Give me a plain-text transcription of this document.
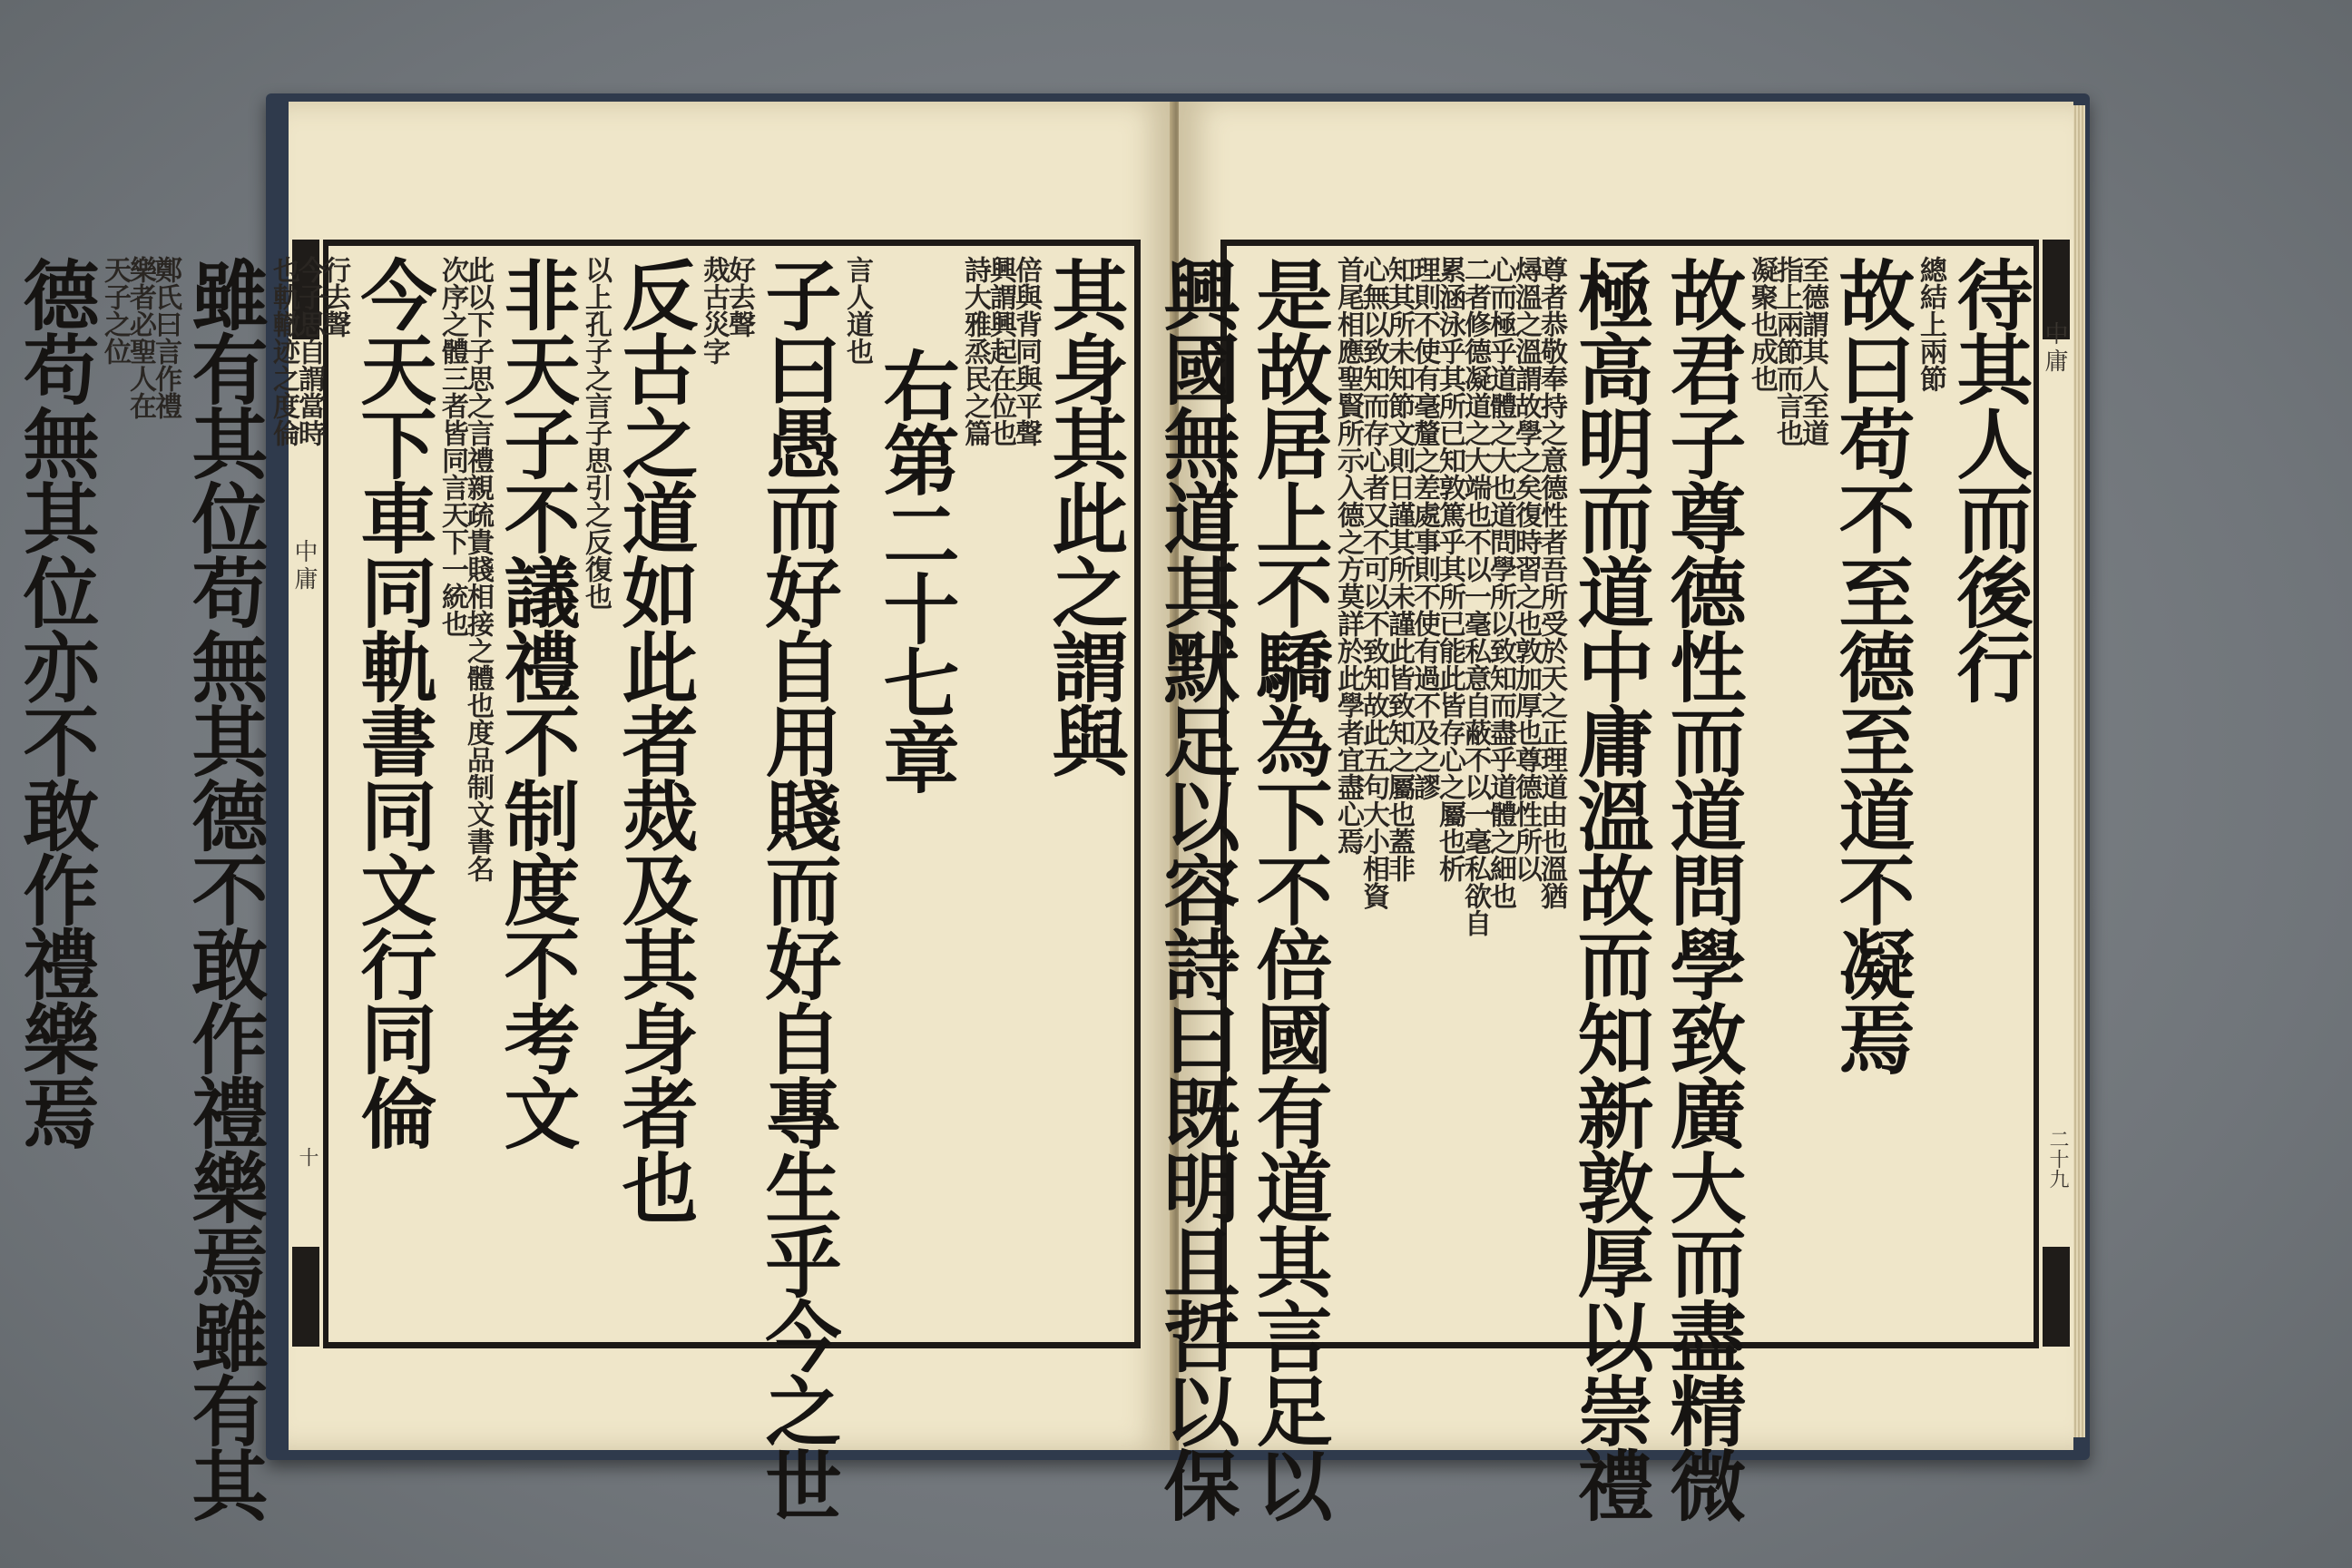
中庸
十
其身其此之謂與
倍與背同與平聲
興謂興起在位也
詩大雅烝民之篇
右第二十七章
言人道也
子曰愚而好自用賤而好自專生乎今之世
好去聲
烖古災字
反古之道如此者烖及其身者也
以上孔子之言子思引之反復也
非天子不議禮不制度不考文
此以下子思之言禮親疏貴賤相接之體也度品制文書名
次序之體三者皆同言天下一統也
今天下車同軌書同文行同倫
行去聲
今子思自謂當時
也軌轍迹之度倫
雖有其位苟無其德不敢作禮樂焉雖有其
鄭氏曰言作禮
樂者必聖人在
天子之位
德苟無其位亦不敢作禮樂焉	中庸
二十九
待其人而後行
總結上兩節
故曰苟不至德至道不凝焉
至德謂其人至道
指上兩節而言也
凝聚也成也
故君子尊德性而道問學致廣大而盡精微
極高明而道中庸溫故而知新敦厚以崇禮
尊者恭敬奉持之意德性者吾所受於天之正理道由也溫猶
燖溫之溫謂故學之矣復時習之也敦加厚也尊德性所以
心而極乎道體之大也道問學所以致知而盡乎道體之細也
二者修德凝道之大端也不以一毫私意自蔽不以一毫私欲自
累涵泳乎其所已知敦篤乎其所已能此皆存心之屬也析
理則不使有毫釐之差處事則不使有過不及之謬
知其所未知節文則日謹其所未謹此皆致知之屬也蓋非
心無以致知而存心者又不可以不致知故此五句大小相資
首尾相應聖賢所示入德之方莫詳於此學者宜盡心焉
是故居上不驕為下不倍國有道其言足以
興國無道其默足以容詩曰既明且哲以保
